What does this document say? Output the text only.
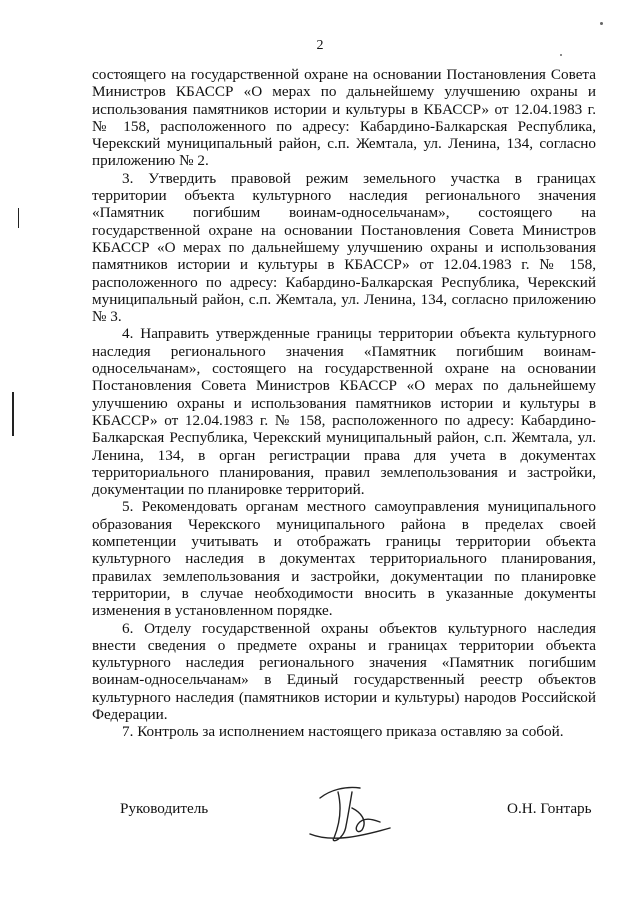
2

состоящего на государственной охране на основании Постановления Совета Министров КБАССР «О мерах по дальнейшему улучшению охраны и использования памятников истории и культуры в КБАССР» от 12.04.1983 г. № 158, расположенного по адресу: Кабардино-Балкарская Республика, Черекский муниципальный район, с.п. Жемтала, ул. Ленина, 134, согласно приложению № 2.

3. Утвердить правовой режим земельного участка в границах территории объекта культурного наследия регионального значения «Памятник погибшим воинам-односельчанам», состоящего на государственной охране на основании Постановления Совета Министров КБАССР «О мерах по дальнейшему улучшению охраны и использования памятников истории и культуры в КБАССР» от 12.04.1983 г. № 158, расположенного по адресу: Кабардино-Балкарская Республика, Черекский муниципальный район, с.п. Жемтала, ул. Ленина, 134, согласно приложению № 3.

4. Направить утвержденные границы территории объекта культурного наследия регионального значения «Памятник погибшим воинам-односельчанам», состоящего на государственной охране на основании Постановления Совета Министров КБАССР «О мерах по дальнейшему улучшению охраны и использования памятников истории и культуры в КБАССР» от 12.04.1983 г. № 158, расположенного по адресу: Кабардино-Балкарская Республика, Черекский муниципальный район, с.п. Жемтала, ул. Ленина, 134, в орган регистрации права для учета в документах территориального планирования, правил землепользования и застройки, документации по планировке территорий.

5. Рекомендовать органам местного самоуправления муниципального образования Черекского муниципального района в пределах своей компетенции учитывать и отображать границы территории объекта культурного наследия в документах территориального планирования, правилах землепользования и застройки, документации по планировке территории, в случае необходимости вносить в указанные документы изменения в установленном порядке.

6. Отделу государственной охраны объектов культурного наследия внести сведения о предмете охраны и границах территории объекта культурного наследия регионального значения «Памятник погибшим воинам-односельчанам» в Единый государственный реестр объектов культурного наследия (памятников истории и культуры) народов Российской Федерации.

7. Контроль за исполнением настоящего приказа оставляю за собой.

Руководитель	О.Н. Гонтарь
